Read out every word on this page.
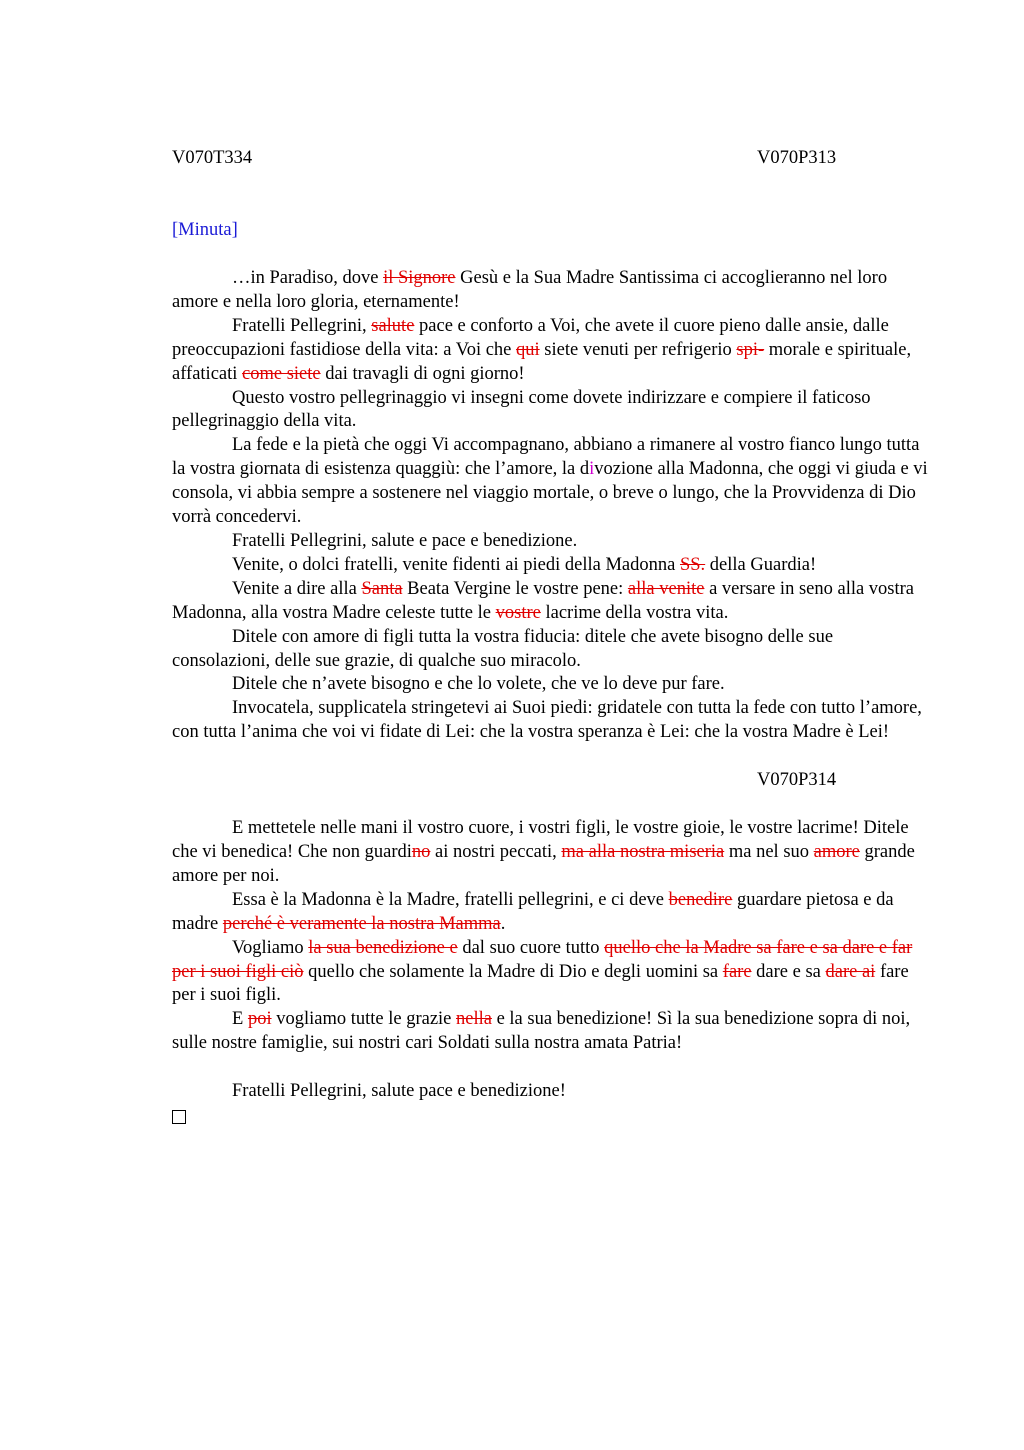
V070T334	V070P313
[Minuta]

…in Paradiso, dove il Signore Gesù e la Sua Madre Santissima ci accoglieranno nel loro amore e nella loro gloria, eternamente!

Fratelli Pellegrini, salute pace e conforto a Voi, che avete il cuore pieno dalle ansie, dalle preoccupazioni fastidiose della vita: a Voi che qui siete venuti per refrigerio spi- morale e spirituale, affaticati come siete dai travagli di ogni giorno!

Questo vostro pellegrinaggio vi insegni come dovete indirizzare e compiere il faticoso pellegrinaggio della vita.

La fede e la pietà che oggi Vi accompagnano, abbiano a rimanere al vostro fianco lungo tutta la vostra giornata di esistenza quaggiù: che l’amore, la divozione alla Madonna, che oggi vi giuda e vi consola, vi abbia sempre a sostenere nel viaggio mortale, o breve o lungo, che la Provvidenza di Dio vorrà concedervi.

Fratelli Pellegrini, salute e pace e benedizione.

Venite, o dolci fratelli, venite fidenti ai piedi della Madonna SS. della Guardia!

Venite a dire alla Santa Beata Vergine le vostre pene: alla venite a versare in seno alla vostra Madonna, alla vostra Madre celeste tutte le vostre lacrime della vostra vita.

Ditele con amore di figli tutta la vostra fiducia: ditele che avete bisogno delle sue consolazioni, delle sue grazie, di qualche suo miracolo.

Ditele che n’avete bisogno e che lo volete, che ve lo deve pur fare.

Invocatela, supplicatela stringetevi ai Suoi piedi: gridatele con tutta la fede con tutto l’amore, con tutta l’anima che voi vi fidate di Lei: che la vostra speranza è Lei: che la vostra Madre è Lei!

V070P314

E mettetele nelle mani il vostro cuore, i vostri figli, le vostre gioie, le vostre lacrime! Ditele che vi benedica! Che non guardino ai nostri peccati, ma alla nostra miseria ma nel suo amore grande amore per noi.

Essa è la Madonna è la Madre, fratelli pellegrini, e ci deve benedire guardare pietosa e da madre perché è veramente la nostra Mamma.

Vogliamo la sua benedizione e dal suo cuore tutto quello che la Madre sa fare e sa dare e far per i suoi figli ciò quello che solamente la Madre di Dio e degli uomini sa fare dare e sa dare ai fare per i suoi figli.

E poi vogliamo tutte le grazie nella e la sua benedizione! Sì la sua benedizione sopra di noi, sulle nostre famiglie, sui nostri cari Soldati sulla nostra amata Patria!

Fratelli Pellegrini, salute pace e benedizione!
